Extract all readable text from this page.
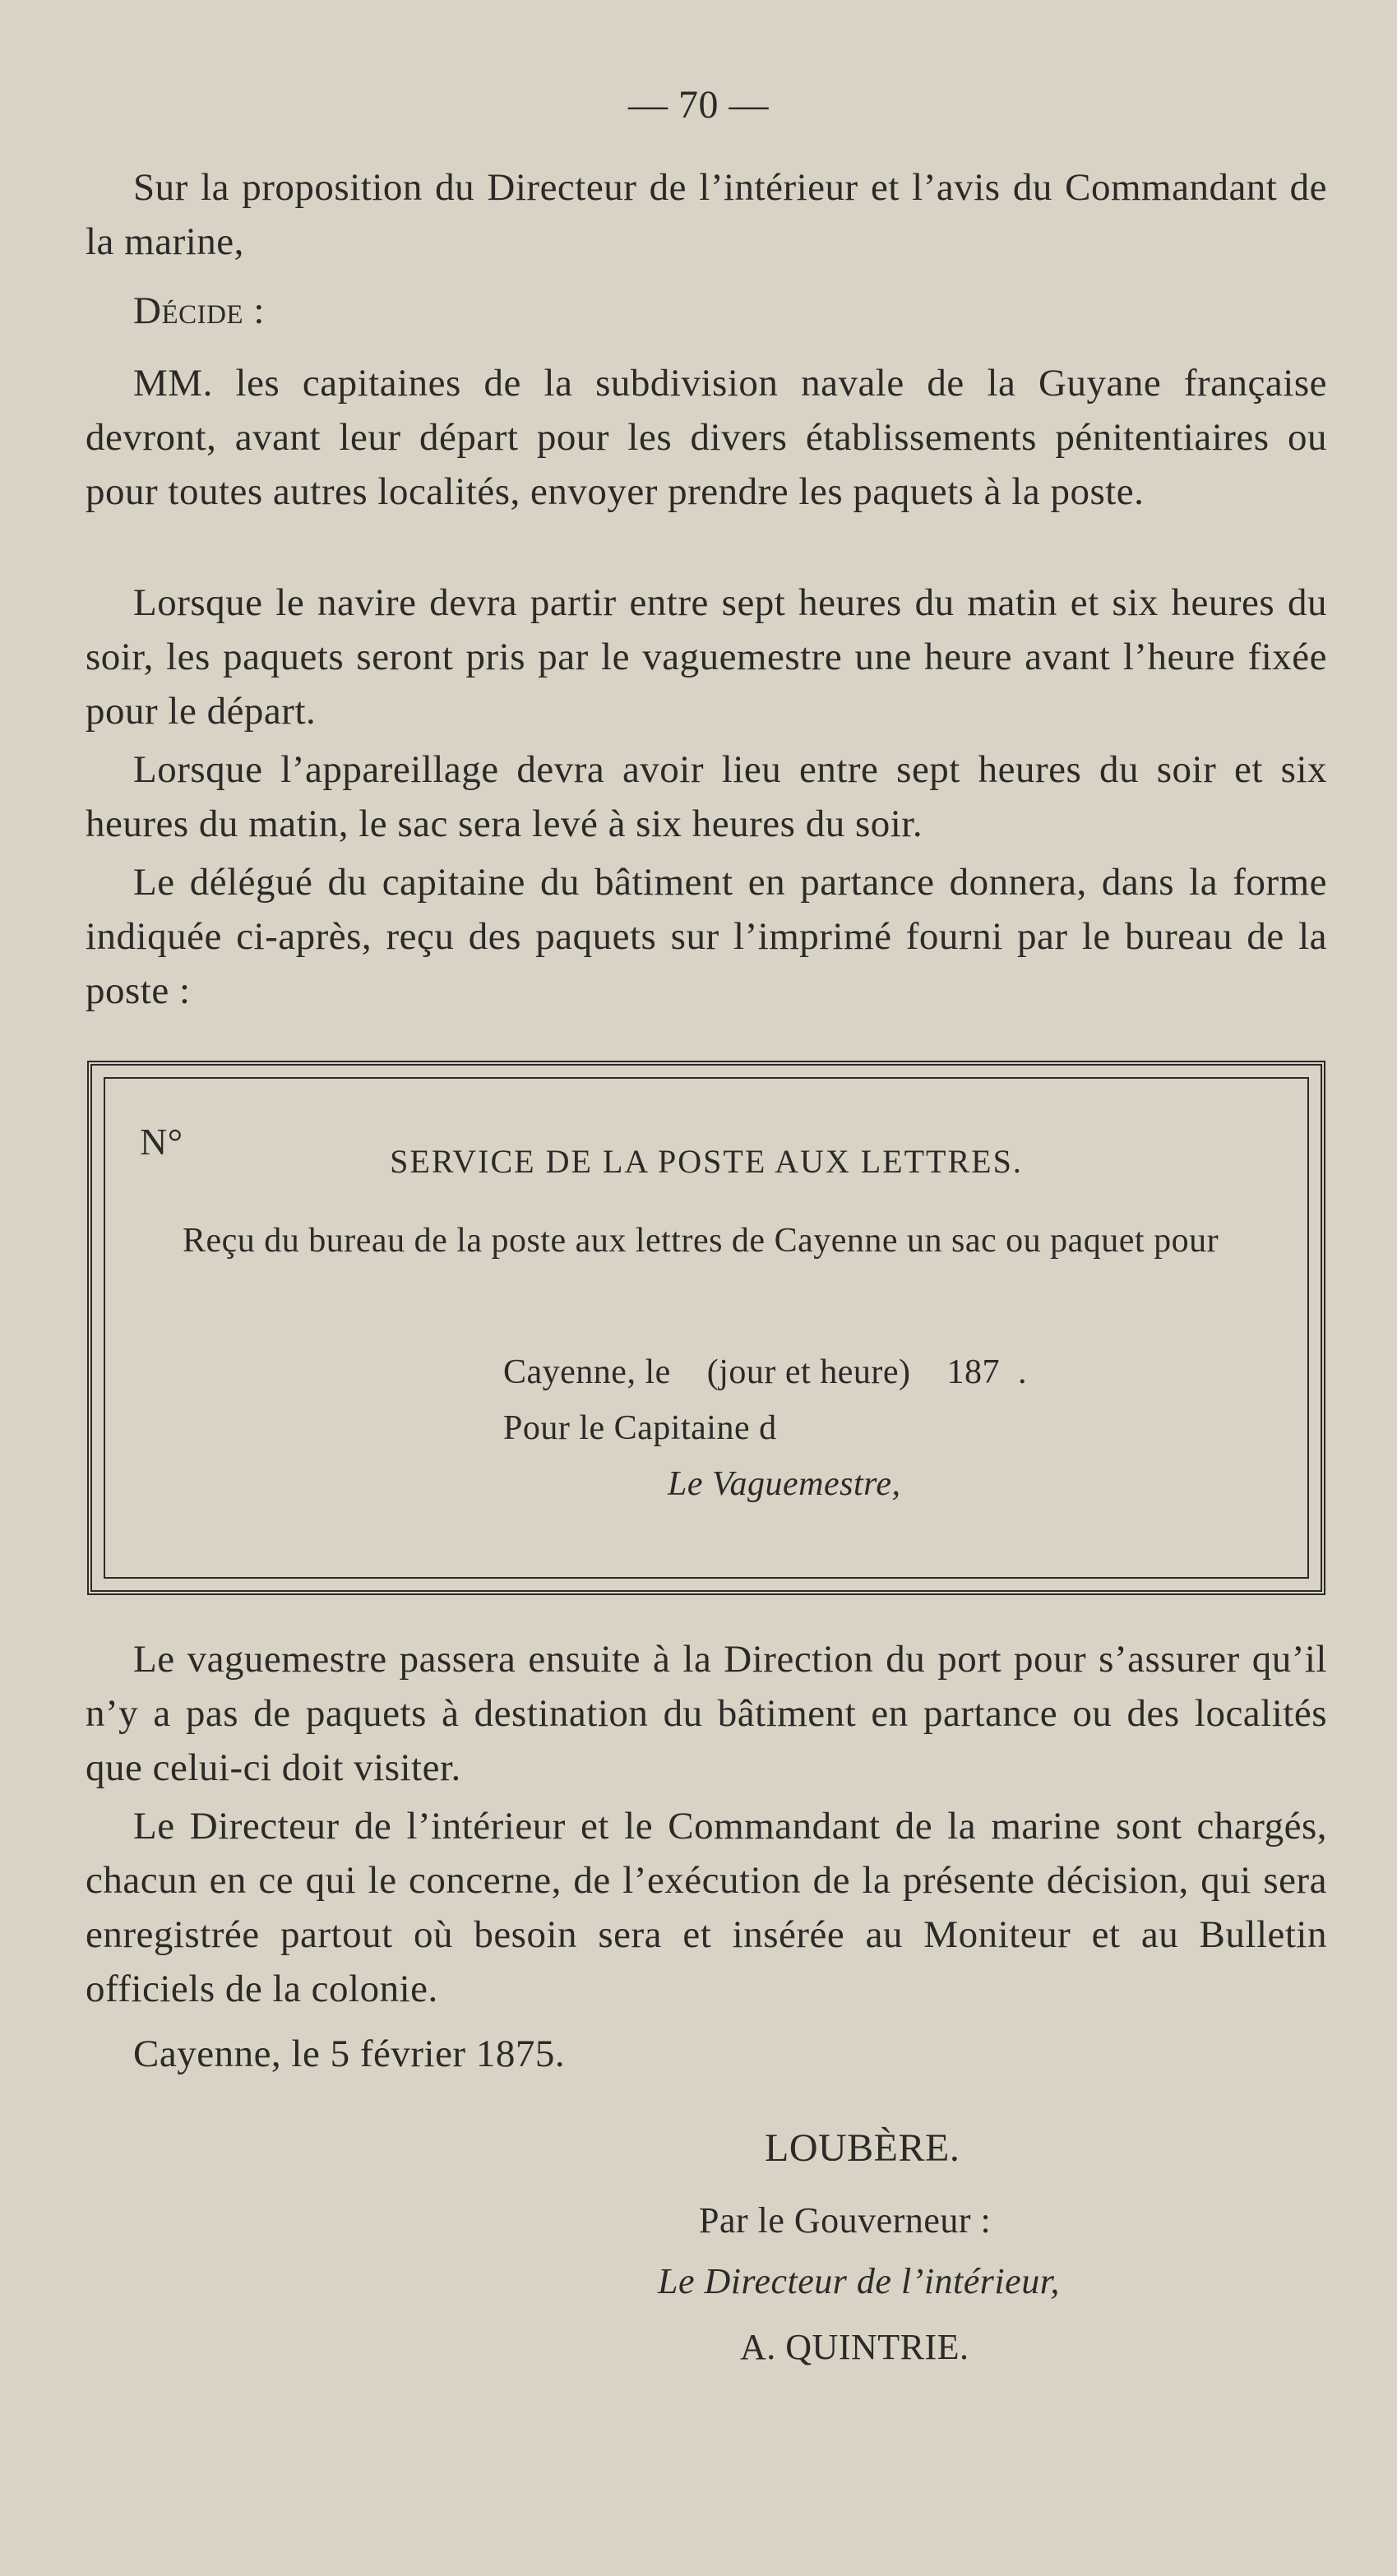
— 70 —

Sur la proposition du Directeur de l’intérieur et l’avis du Commandant de la marine,

Décide :

MM. les capitaines de la subdivision navale de la Guyane française devront, avant leur départ pour les divers établissements pénitentiaires ou pour toutes autres localités, envoyer prendre les paquets à la poste.

Lorsque le navire devra partir entre sept heures du matin et six heures du soir, les paquets seront pris par le vaguemestre une heure avant l’heure fixée pour le départ.

Lorsque l’appareillage devra avoir lieu entre sept heures du soir et six heures du matin, le sac sera levé à six heures du soir.

Le délégué du capitaine du bâtiment en partance donnera, dans la forme indiquée ci-après, reçu des paquets sur l’imprimé fourni par le bureau de la poste :

N°	SERVICE DE LA POSTE AUX LETTRES.
Reçu du bureau de la poste aux lettres de Cayenne un sac ou paquet pour
Cayenne, le    (jour et heure)    187  .
Pour le Capitaine d
Le Vaguemestre,

Le vaguemestre passera ensuite à la Direction du port pour s’assurer qu’il n’y a pas de paquets à destination du bâtiment en partance ou des localités que celui-ci doit visiter.

Le Directeur de l’intérieur et le Commandant de la marine sont chargés, chacun en ce qui le concerne, de l’exécution de la présente décision, qui sera enregistrée partout où besoin sera et insérée au Moniteur et au Bulletin officiels de la colonie.

Cayenne, le 5 février 1875.

LOUBÈRE.
Par le Gouverneur :
Le Directeur de l’intérieur,
A. QUINTRIE.
